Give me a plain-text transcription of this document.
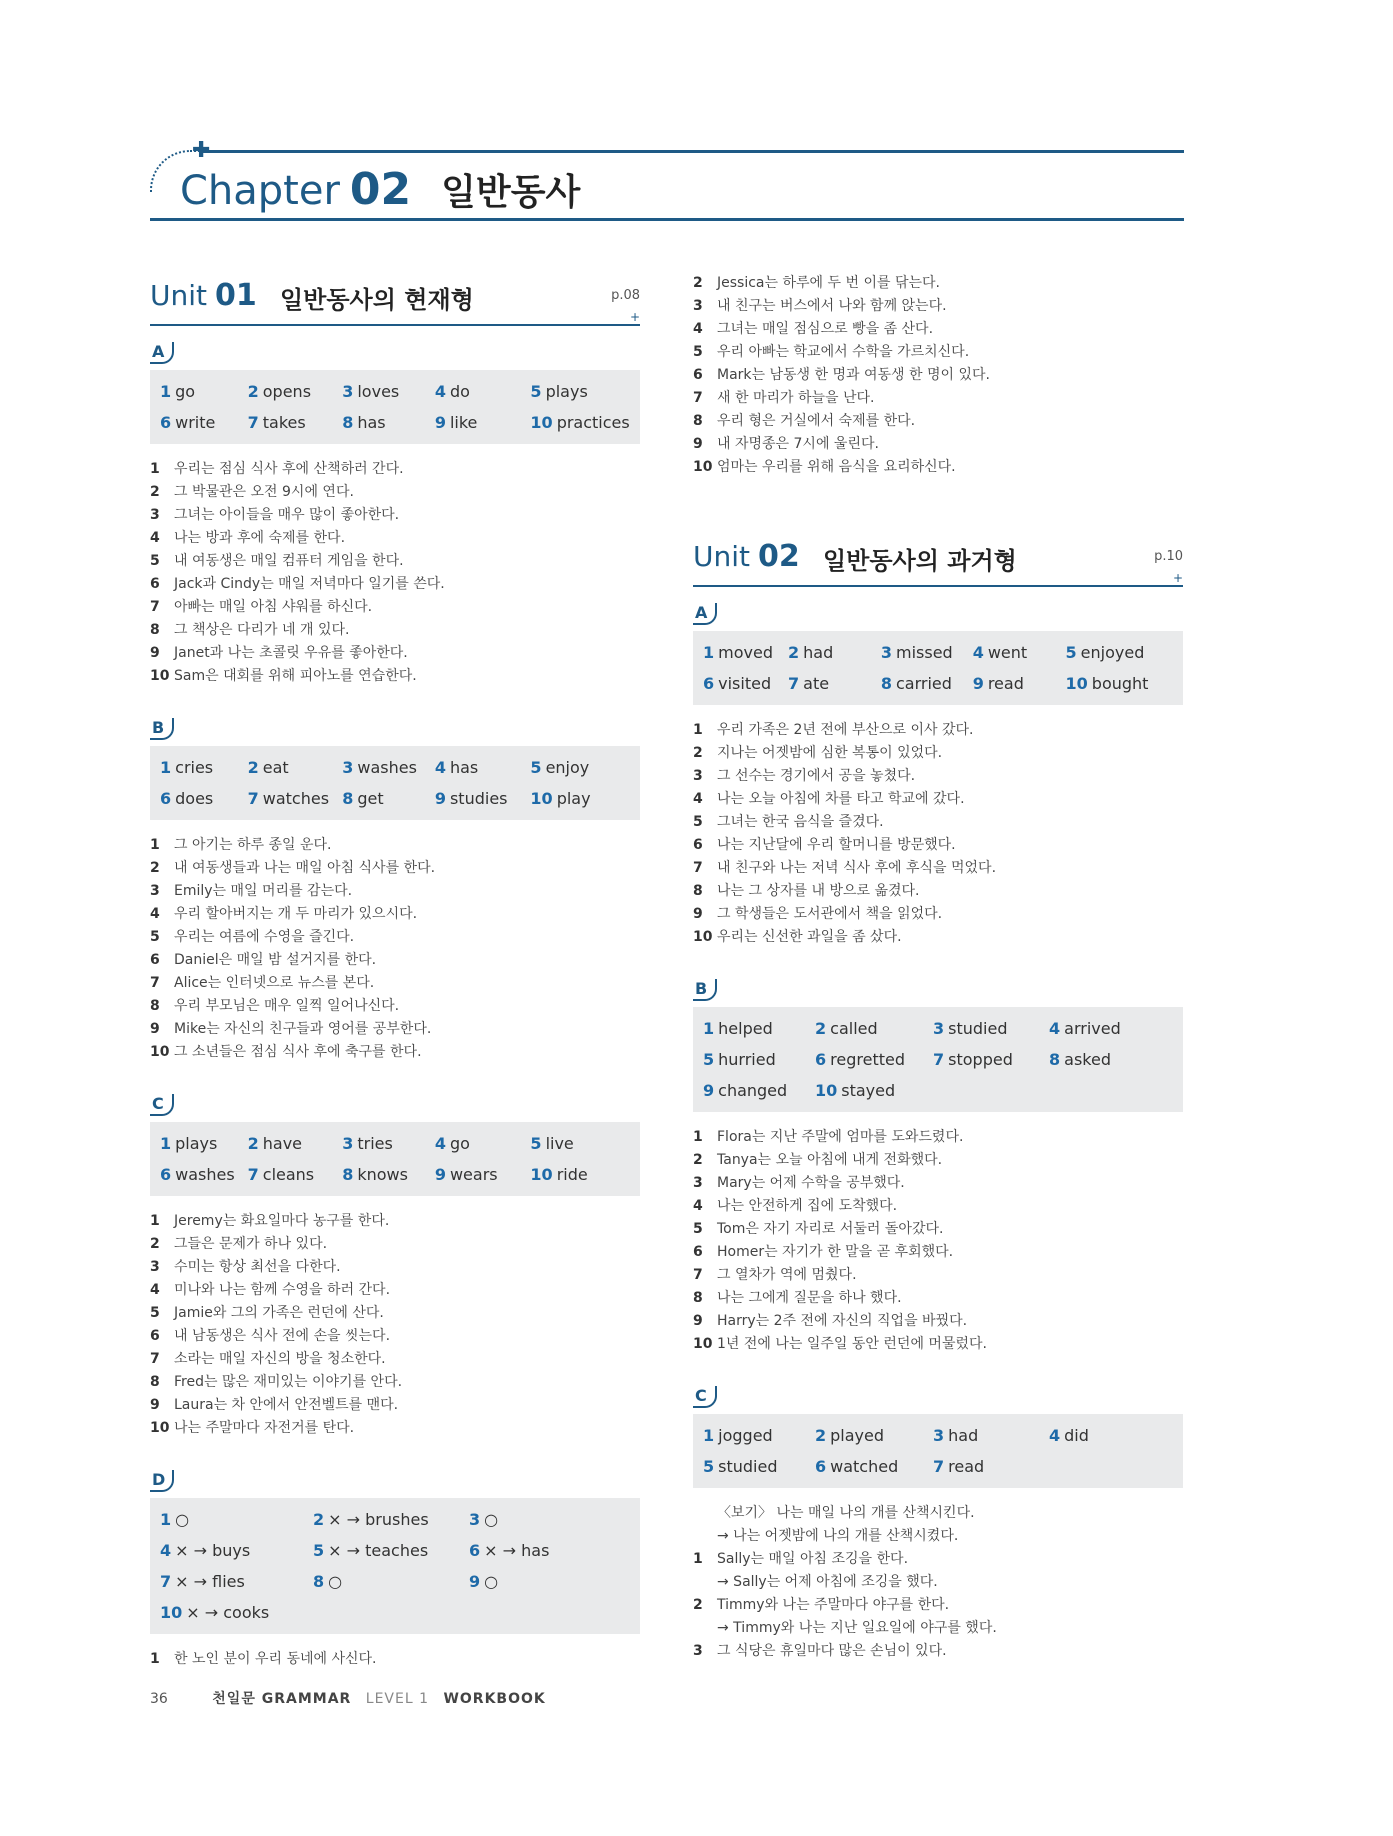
✚
Chapter 02 일반동사
Unit 01 일반동사의 현재형	p.08
+
A
1 go	2 opens	3 loves	4 do	5 plays
6 write	7 takes	8 has	9 like	10 practices
1	우리는 점심 식사 후에 산책하러 간다.
2	그 박물관은 오전 9시에 연다.
3	그녀는 아이들을 매우 많이 좋아한다.
4	나는 방과 후에 숙제를 한다.
5	내 여동생은 매일 컴퓨터 게임을 한다.
6	Jack과 Cindy는 매일 저녁마다 일기를 쓴다.
7	아빠는 매일 아침 샤워를 하신다.
8	그 책상은 다리가 네 개 있다.
9	Janet과 나는 초콜릿 우유를 좋아한다.
10 Sam은 대회를 위해 피아노를 연습한다.
B
1 cries	2 eat	3 washes	4 has	5 enjoy
6 does	7 watches 8 get	9 studies	10 play
1	그 아기는 하루 종일 운다.
2	내 여동생들과 나는 매일 아침 식사를 한다.
3	Emily는 매일 머리를 감는다.
4	우리 할아버지는 개 두 마리가 있으시다.
5	우리는 여름에 수영을 즐긴다.
6	Daniel은 매일 밤 설거지를 한다.
7	Alice는 인터넷으로 뉴스를 본다.
8	우리 부모님은 매우 일찍 일어나신다.
9	Mike는 자신의 친구들과 영어를 공부한다.
10 그 소년들은 점심 식사 후에 축구를 한다.
C
1 plays	2 have	3 tries	4 go	5 live
6 washes 7 cleans	8 knows	9 wears	10 ride
1	Jeremy는 화요일마다 농구를 한다.
2	그들은 문제가 하나 있다.
3	수미는 항상 최선을 다한다.
4	미나와 나는 함께 수영을 하러 간다.
5	Jamie와 그의 가족은 런던에 산다.
6	내 남동생은 식사 전에 손을 씻는다.
7	소라는 매일 자신의 방을 청소한다.
8	Fred는 많은 재미있는 이야기를 안다.
9	Laura는 차 안에서 안전벨트를 맨다.
10 나는 주말마다 자전거를 탄다.
D
1 ○	2 × → brushes	3 ○
4 × → buys	5 × → teaches	6 × → has
7 × → flies	8 ○	9 ○
10 × → cooks
1	한 노인 분이 우리 동네에 사신다.
2	Jessica는 하루에 두 번 이를 닦는다.
3	내 친구는 버스에서 나와 함께 앉는다.
4	그녀는 매일 점심으로 빵을 좀 산다.
5	우리 아빠는 학교에서 수학을 가르치신다.
6	Mark는 남동생 한 명과 여동생 한 명이 있다.
7	새 한 마리가 하늘을 난다.
8	우리 형은 거실에서 숙제를 한다.
9	내 자명종은 7시에 울린다.
10 엄마는 우리를 위해 음식을 요리하신다.
Unit 02 일반동사의 과거형	p.10
+
A
1 moved 2 had	3 missed	4 went	5 enjoyed
6 visited	7 ate	8 carried	9 read	10 bought
1	우리 가족은 2년 전에 부산으로 이사 갔다.
2	지나는 어젯밤에 심한 복통이 있었다.
3	그 선수는 경기에서 공을 놓쳤다.
4	나는 오늘 아침에 차를 타고 학교에 갔다.
5	그녀는 한국 음식을 즐겼다.
6	나는 지난달에 우리 할머니를 방문했다.
7	내 친구와 나는 저녁 식사 후에 후식을 먹었다.
8	나는 그 상자를 내 방으로 옮겼다.
9	그 학생들은 도서관에서 책을 읽었다.
10 우리는 신선한 과일을 좀 샀다.
B
1 helped	2 called	3 studied	4 arrived
5 hurried	6 regretted	7 stopped	8 asked
9 changed	10 stayed
1	Flora는 지난 주말에 엄마를 도와드렸다.
2	Tanya는 오늘 아침에 내게 전화했다.
3	Mary는 어제 수학을 공부했다.
4	나는 안전하게 집에 도착했다.
5	Tom은 자기 자리로 서둘러 돌아갔다.
6	Homer는 자기가 한 말을 곧 후회했다.
7	그 열차가 역에 멈췄다.
8	나는 그에게 질문을 하나 했다.
9	Harry는 2주 전에 자신의 직업을 바꿨다.
10 1년 전에 나는 일주일 동안 런던에 머물렀다.
C
1 jogged	2 played	3 had	4 did
5 studied	6 watched	7 read
〈보기〉 나는 매일 나의 개를 산책시킨다.
→ 나는 어젯밤에 나의 개를 산책시켰다.
1	Sally는 매일 아침 조깅을 한다.
→ Sally는 어제 아침에 조깅을 했다.
2	Timmy와 나는 주말마다 야구를 한다.
→ Timmy와 나는 지난 일요일에 야구를 했다.
3	그 식당은 휴일마다 많은 손님이 있다.
36	천일문 GRAMMAR LEVEL 1 WORKBOOK
